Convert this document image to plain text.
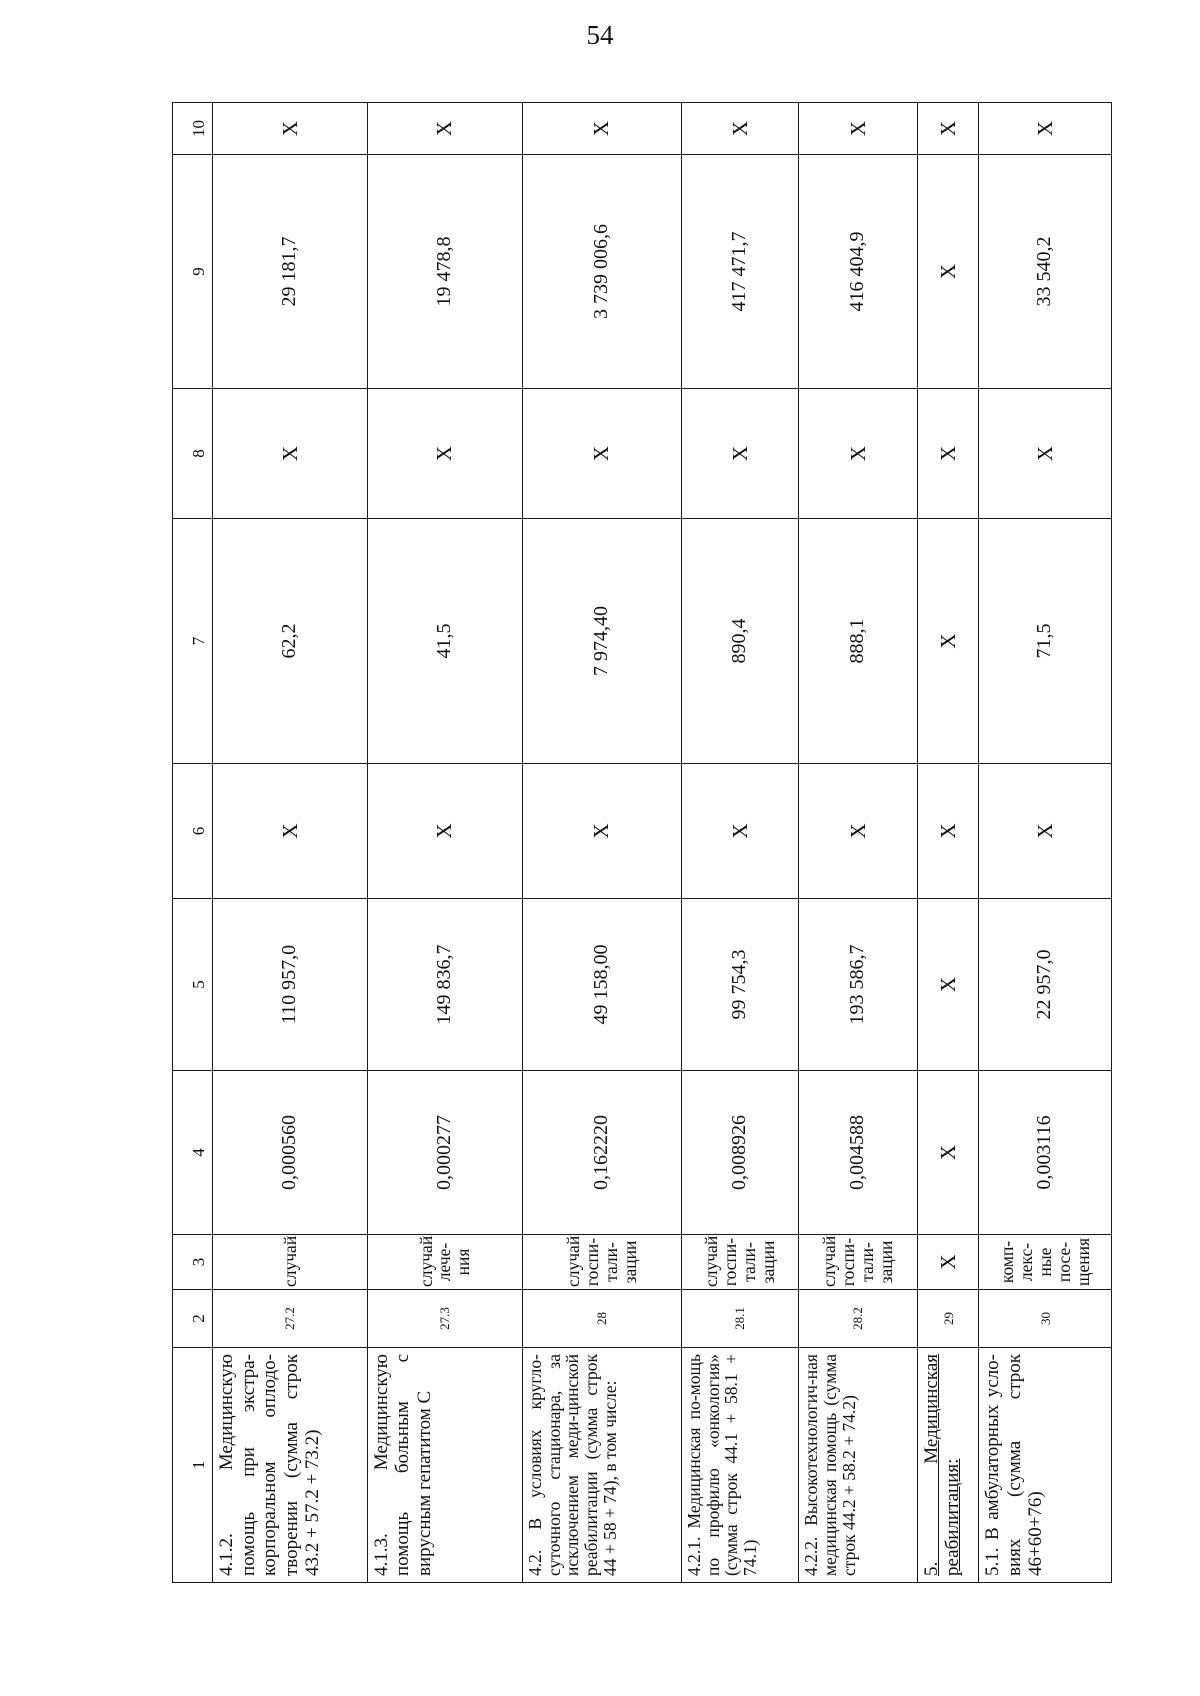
54
1	2	3	4	5	6	7	8	9	10
4.1.2. Медицинскую помощь при экстра-корпоральном оплодо-творении (сумма строк 43.2 + 57.2 + 73.2)	27.2	случай	0,000560	110 957,0	Х	62,2	Х	29 181,7	Х
4.1.3. Медицинскую помощь больным с вирусным гепатитом С	27.3	случай лече-ния	0,000277	149 836,7	Х	41,5	Х	19 478,8	Х
4.2. В условиях кругло-суточного стационара, за исключением меди-цинской реабилитации (сумма строк 44 + 58 + 74), в том числе:	28	случай госпи-тали-зации	0,162220	49 158,00	Х	7 974,40	Х	3 739 006,6	Х
4.2.1. Медицинская по-мощь по профилю «онкология» (сумма строк 44.1 + 58.1 + 74.1)	28.1	случай госпи-тали-зации	0,008926	99 754,3	Х	890,4	Х	417 471,7	Х
4.2.2. Высокотехнологич-ная медицинская помощь (сумма строк 44.2 + 58.2 + 74.2)	28.2	случай госпи-тали-зации	0,004588	193 586,7	Х	888,1	Х	416 404,9	Х
5. Медицинская реабилитация:	29	Х	Х	Х	Х	Х	Х	Х	Х
5.1. В амбулаторных усло-виях (сумма строк 46+60+76)	30	комп-лекс-ные посе-щения	0,003116	22 957,0	Х	71,5	Х	33 540,2	Х
